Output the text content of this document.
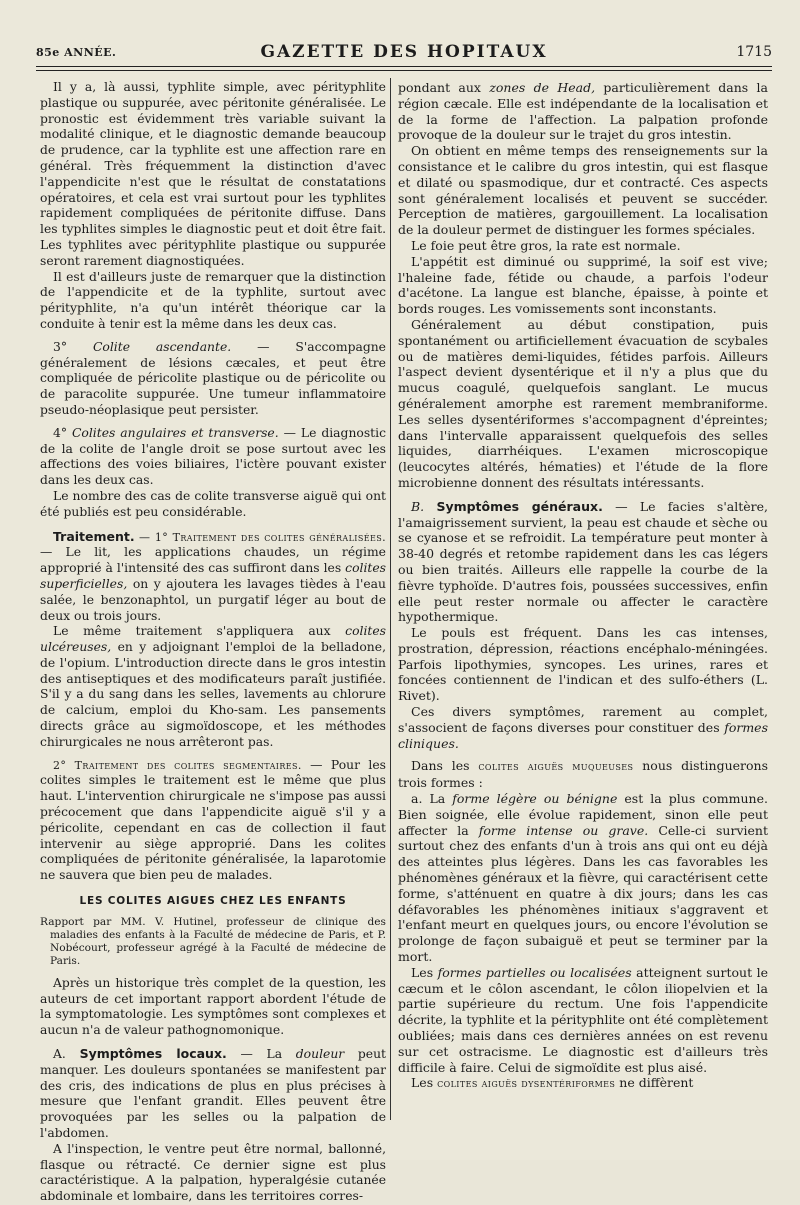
85e ANNÉE.	GAZETTE DES HOPITAUX	1715

Il y a, là aussi, typhlite simple, avec pérityphlite plastique ou suppurée, avec péritonite généralisée. Le pronostic est évidemment très variable suivant la modalité clinique, et le diagnostic demande beaucoup de prudence, car la typhlite est une affection rare en général. Très fréquemment la distinction d'avec l'appendicite n'est que le résultat de constatations opératoires, et cela est vrai surtout pour les typhlites rapidement compliquées de péritonite diffuse. Dans les typhlites simples le diagnostic peut et doit être fait. Les typhlites avec pérityphlite plastique ou suppurée seront rarement diagnostiquées.

Il est d'ailleurs juste de remarquer que la distinction de l'appendicite et de la typhlite, surtout avec pérityphlite, n'a qu'un intérêt théorique car la conduite à tenir est la même dans les deux cas.

3° Colite ascendante. — S'accompagne généralement de lésions cæcales, et peut être compliquée de péricolite plastique ou de péricolite ou de paracolite suppurée. Une tumeur inflammatoire pseudo-néoplasique peut persister.

4° Colites angulaires et transverse. — Le diagnostic de la colite de l'angle droit se pose surtout avec les affections des voies biliaires, l'ictère pouvant exister dans les deux cas.

Le nombre des cas de colite transverse aiguë qui ont été publiés est peu considérable.

Traitement. — 1° Traitement des colites généralisées. — Le lit, les applications chaudes, un régime approprié à l'intensité des cas suffiront dans les colites superficielles, on y ajoutera les lavages tièdes à l'eau salée, le benzonaphtol, un purgatif léger au bout de deux ou trois jours.

Le même traitement s'appliquera aux colites ulcéreuses, en y adjoignant l'emploi de la belladone, de l'opium. L'introduction directe dans le gros intestin des antiseptiques et des modificateurs paraît justifiée. S'il y a du sang dans les selles, lavements au chlorure de calcium, emploi du Kho-sam. Les pansements directs grâce au sigmoïdoscope, et les méthodes chirurgicales ne nous arrêteront pas.

2° Traitement des colites segmentaires. — Pour les colites simples le traitement est le même que plus haut. L'intervention chirurgicale ne s'impose pas aussi précocement que dans l'appendicite aiguë s'il y a péricolite, cependant en cas de collection il faut intervenir au siège approprié. Dans les colites compliquées de péritonite généralisée, la laparotomie ne sauvera que bien peu de malades.

LES COLITES AIGUES CHEZ LES ENFANTS

Rapport par MM. V. Hutinel, professeur de clinique des maladies des enfants à la Faculté de médecine de Paris, et P. Nobécourt, professeur agrégé à la Faculté de médecine de Paris.

Après un historique très complet de la question, les auteurs de cet important rapport abordent l'étude de la symptomatologie. Les symptômes sont complexes et aucun n'a de valeur pathognomonique.

A. Symptômes locaux. — La douleur peut manquer. Les douleurs spontanées se manifestent par des cris, des indications de plus en plus précises à mesure que l'enfant grandit. Elles peuvent être provoquées par les selles ou la palpation de l'abdomen.

A l'inspection, le ventre peut être normal, ballonné, flasque ou rétracté. Ce dernier signe est plus caractéristique. A la palpation, hyperalgésie cutanée abdominale et lombaire, dans les territoires corres-

pondant aux zones de Head, particulièrement dans la région cæcale. Elle est indépendante de la localisation et de la forme de l'affection. La palpation profonde provoque de la douleur sur le trajet du gros intestin.

On obtient en même temps des renseignements sur la consistance et le calibre du gros intestin, qui est flasque et dilaté ou spasmodique, dur et contracté. Ces aspects sont généralement localisés et peuvent se succéder. Perception de matières, gargouillement. La localisation de la douleur permet de distinguer les formes spéciales.

Le foie peut être gros, la rate est normale.

L'appétit est diminué ou supprimé, la soif est vive; l'haleine fade, fétide ou chaude, a parfois l'odeur d'acétone. La langue est blanche, épaisse, à pointe et bords rouges. Les vomissements sont inconstants.

Généralement au début constipation, puis spontanément ou artificiellement évacuation de scybales ou de matières demi-liquides, fétides parfois. Ailleurs l'aspect devient dysentérique et il n'y a plus que du mucus coagulé, quelquefois sanglant. Le mucus généralement amorphe est rarement membraniforme. Les selles dysentériformes s'accompagnent d'épreintes; dans l'intervalle apparaissent quelquefois des selles liquides, diarrhéiques. L'examen microscopique (leucocytes altérés, hématies) et l'étude de la flore microbienne donnent des résultats intéressants.

B. Symptômes généraux. — Le facies s'altère, l'amaigrissement survient, la peau est chaude et sèche ou se cyanose et se refroidit. La température peut monter à 38-40 degrés et retombe rapidement dans les cas légers ou bien traités. Ailleurs elle rappelle la courbe de la fièvre typhoïde. D'autres fois, poussées successives, enfin elle peut rester normale ou affecter le caractère hypothermique.

Le pouls est fréquent. Dans les cas intenses, prostration, dépression, réactions encéphalo-méningées. Parfois lipothymies, syncopes. Les urines, rares et foncées contiennent de l'indican et des sulfo-éthers (L. Rivet).

Ces divers symptômes, rarement au complet, s'associent de façons diverses pour constituer des formes cliniques.

Dans les colites aiguës muqueuses nous distinguerons trois formes :

a. La forme légère ou bénigne est la plus commune. Bien soignée, elle évolue rapidement, sinon elle peut affecter la forme intense ou grave. Celle-ci survient surtout chez des enfants d'un à trois ans qui ont eu déjà des atteintes plus légères. Dans les cas favorables les phénomènes généraux et la fièvre, qui caractérisent cette forme, s'atténuent en quatre à dix jours; dans les cas défavorables les phénomènes initiaux s'aggravent et l'enfant meurt en quelques jours, ou encore l'évolution se prolonge de façon subaiguë et peut se terminer par la mort.

Les formes partielles ou localisées atteignent surtout le cæcum et le côlon ascendant, le côlon iliopelvien et la partie supérieure du rectum. Une fois l'appendicite décrite, la typhlite et la pérityphlite ont été complètement oubliées; mais dans ces dernières années on est revenu sur cet ostracisme. Le diagnostic est d'ailleurs très difficile à faire. Celui de sigmoïdite est plus aisé.

Les colites aiguës dysentériformes ne diffèrent
